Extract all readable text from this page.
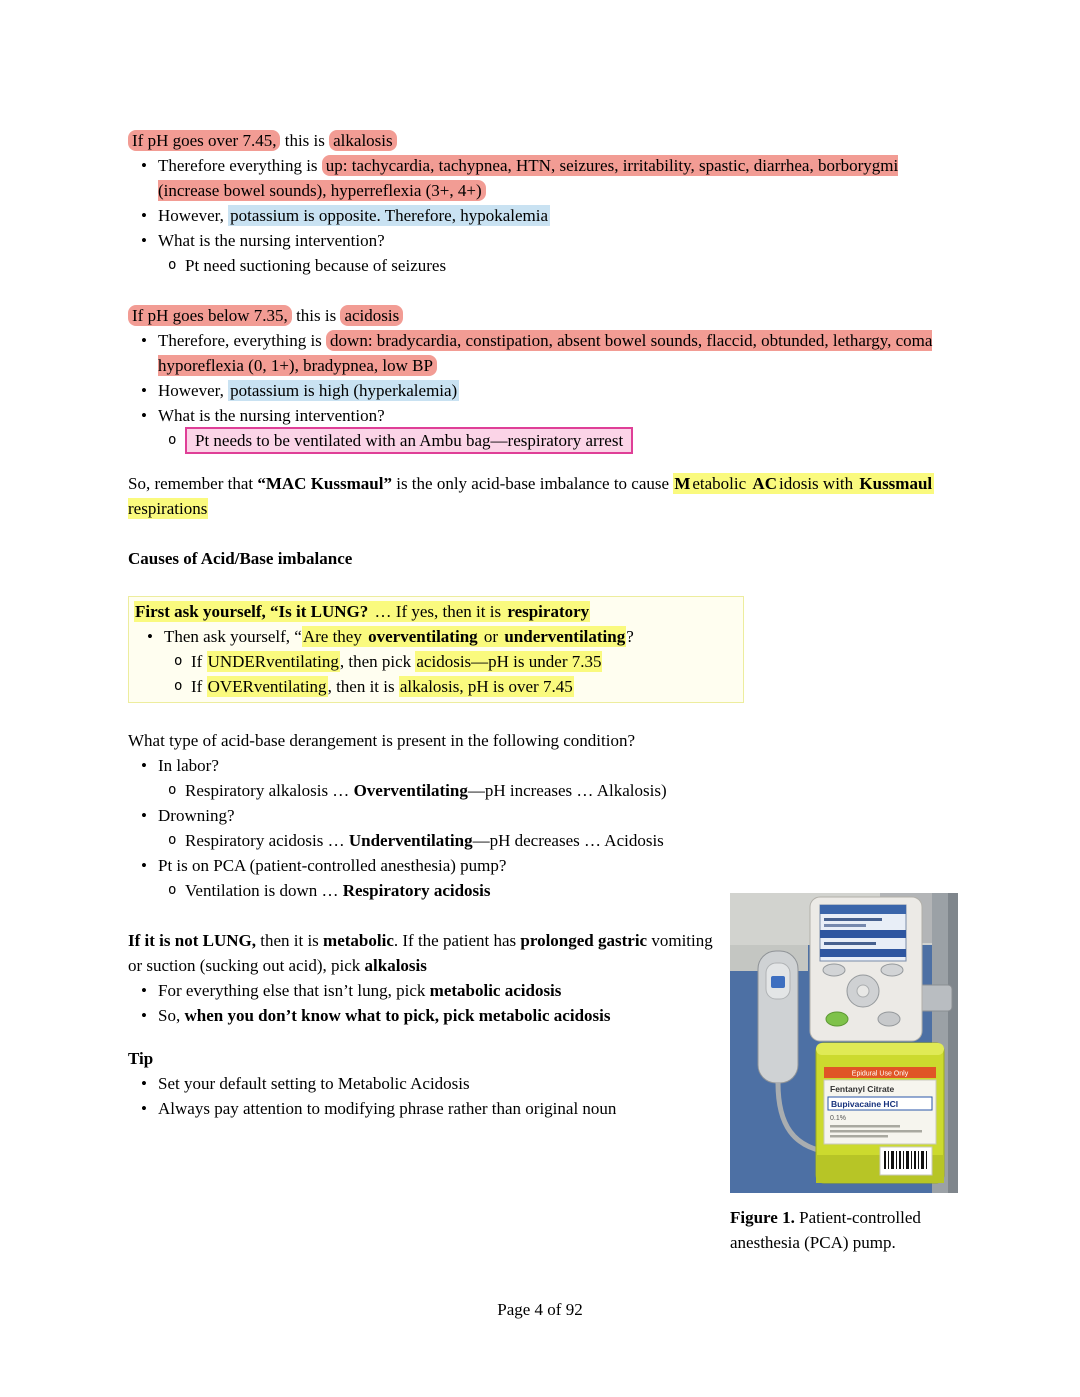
If pH goes over 7.45, this is alkalosis
• Therefore everything is up: tachycardia, tachypnea, HTN, seizures, irritability, spastic, diarrhea, borborygmi (increase bowel sounds), hyperreflexia (3+, 4+)
• However, potassium is opposite. Therefore, hypokalemia
• What is the nursing intervention?
o Pt need suctioning because of seizures
If pH goes below 7.35, this is acidosis
• Therefore, everything is down: bradycardia, constipation, absent bowel sounds, flaccid, obtunded, lethargy, coma hyporeflexia (0, 1+), bradypnea, low BP
• However, potassium is high (hyperkalemia)
• What is the nursing intervention?
o Pt needs to be ventilated with an Ambu bag—respiratory arrest
So, remember that “MAC Kussmaul” is the only acid-base imbalance to cause M etabolic AC idosis with Kussmaul respirations
Causes of Acid/Base imbalance
First ask yourself, “Is it LUNG? … If yes, then it is respiratory
• Then ask yourself, “Are they overventilating or underventilating?
o If UNDERventilating, then pick acidosis—pH is under 7.35
o If OVERventilating, then it is alkalosis, pH is over 7.45
What type of acid-base derangement is present in the following condition?
• In labor?
o Respiratory alkalosis … Overventilating—pH increases … Alkalosis)
• Drowning?
o Respiratory acidosis … Underventilating—pH decreases … Acidosis
• Pt is on PCA (patient-controlled anesthesia) pump?
o Ventilation is down … Respiratory acidosis
If it is not LUNG, then it is metabolic. If the patient has prolonged gastric vomiting or suction (sucking out acid), pick alkalosis
• For everything else that isn’t lung, pick metabolic acidosis
• So, when you don’t know what to pick, pick metabolic acidosis
Tip
• Set your default setting to Metabolic Acidosis
• Always pay attention to modifying phrase rather than original noun
Epidural Use Only
Fentanyl Citrate
Bupivacaine HCl
0.1%
Figure 1. Patient-controlled anesthesia (PCA) pump.
Page 4 of 92
